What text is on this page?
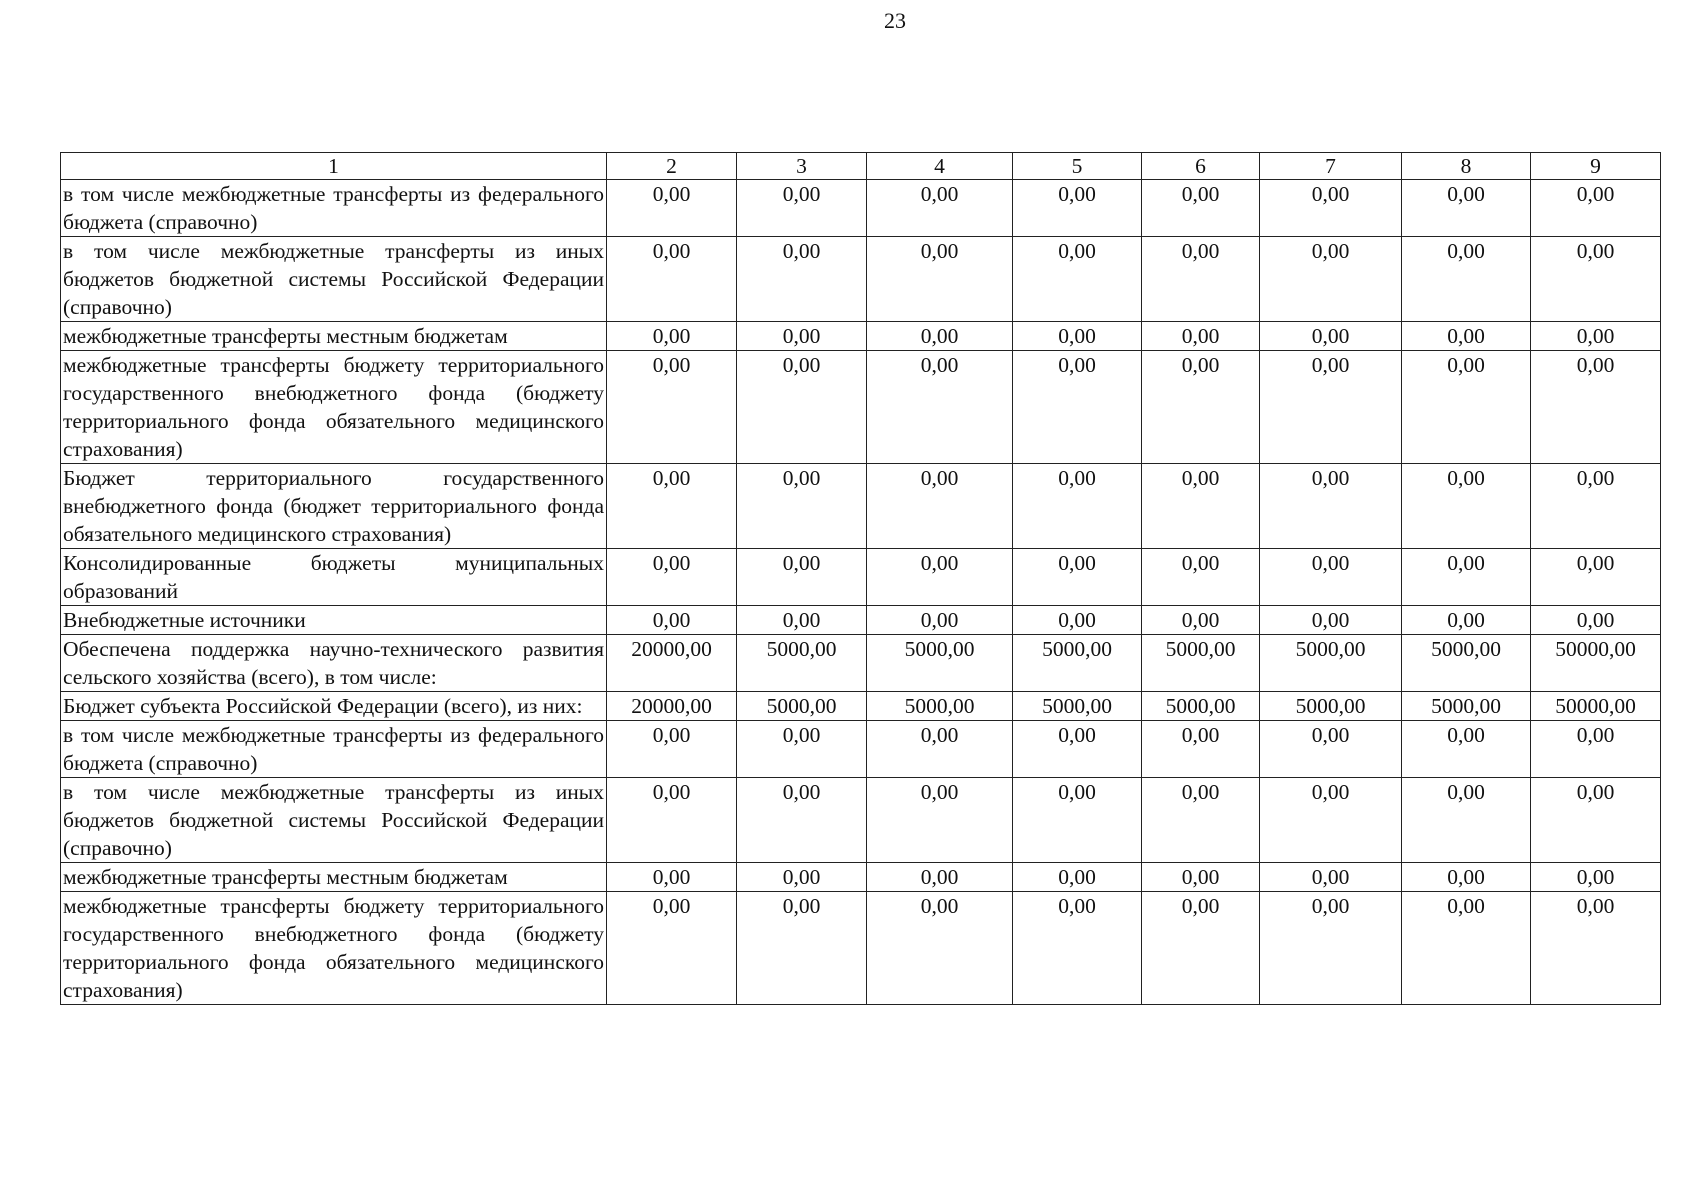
23
1	2	3	4	5	6	7	8	9
в том числе межбюджетные трансферты из федерального бюджета (справочно)	0,00	0,00	0,00	0,00	0,00	0,00	0,00	0,00
в том числе межбюджетные трансферты из иных бюджетов бюджетной системы Российской Федерации (справочно)	0,00	0,00	0,00	0,00	0,00	0,00	0,00	0,00
межбюджетные трансферты местным бюджетам	0,00	0,00	0,00	0,00	0,00	0,00	0,00	0,00
межбюджетные трансферты бюджету территориального государственного внебюджетного фонда (бюджету территориального фонда обязательного медицинского страхования)	0,00	0,00	0,00	0,00	0,00	0,00	0,00	0,00
Бюджет территориального государственного внебюджетного фонда (бюджет территориального фонда обязательного медицинского страхования)	0,00	0,00	0,00	0,00	0,00	0,00	0,00	0,00
Консолидированные бюджеты муниципальных образований	0,00	0,00	0,00	0,00	0,00	0,00	0,00	0,00
Внебюджетные источники	0,00	0,00	0,00	0,00	0,00	0,00	0,00	0,00
Обеспечена поддержка научно-технического развития сельского хозяйства (всего), в том числе:	20000,00	5000,00	5000,00	5000,00	5000,00	5000,00	5000,00	50000,00
Бюджет субъекта Российской Федерации (всего), из них:	20000,00	5000,00	5000,00	5000,00	5000,00	5000,00	5000,00	50000,00
в том числе межбюджетные трансферты из федерального бюджета (справочно)	0,00	0,00	0,00	0,00	0,00	0,00	0,00	0,00
в том числе межбюджетные трансферты из иных бюджетов бюджетной системы Российской Федерации (справочно)	0,00	0,00	0,00	0,00	0,00	0,00	0,00	0,00
межбюджетные трансферты местным бюджетам	0,00	0,00	0,00	0,00	0,00	0,00	0,00	0,00
межбюджетные трансферты бюджету территориального государственного внебюджетного фонда (бюджету территориального фонда обязательного медицинского страхования)	0,00	0,00	0,00	0,00	0,00	0,00	0,00	0,00
